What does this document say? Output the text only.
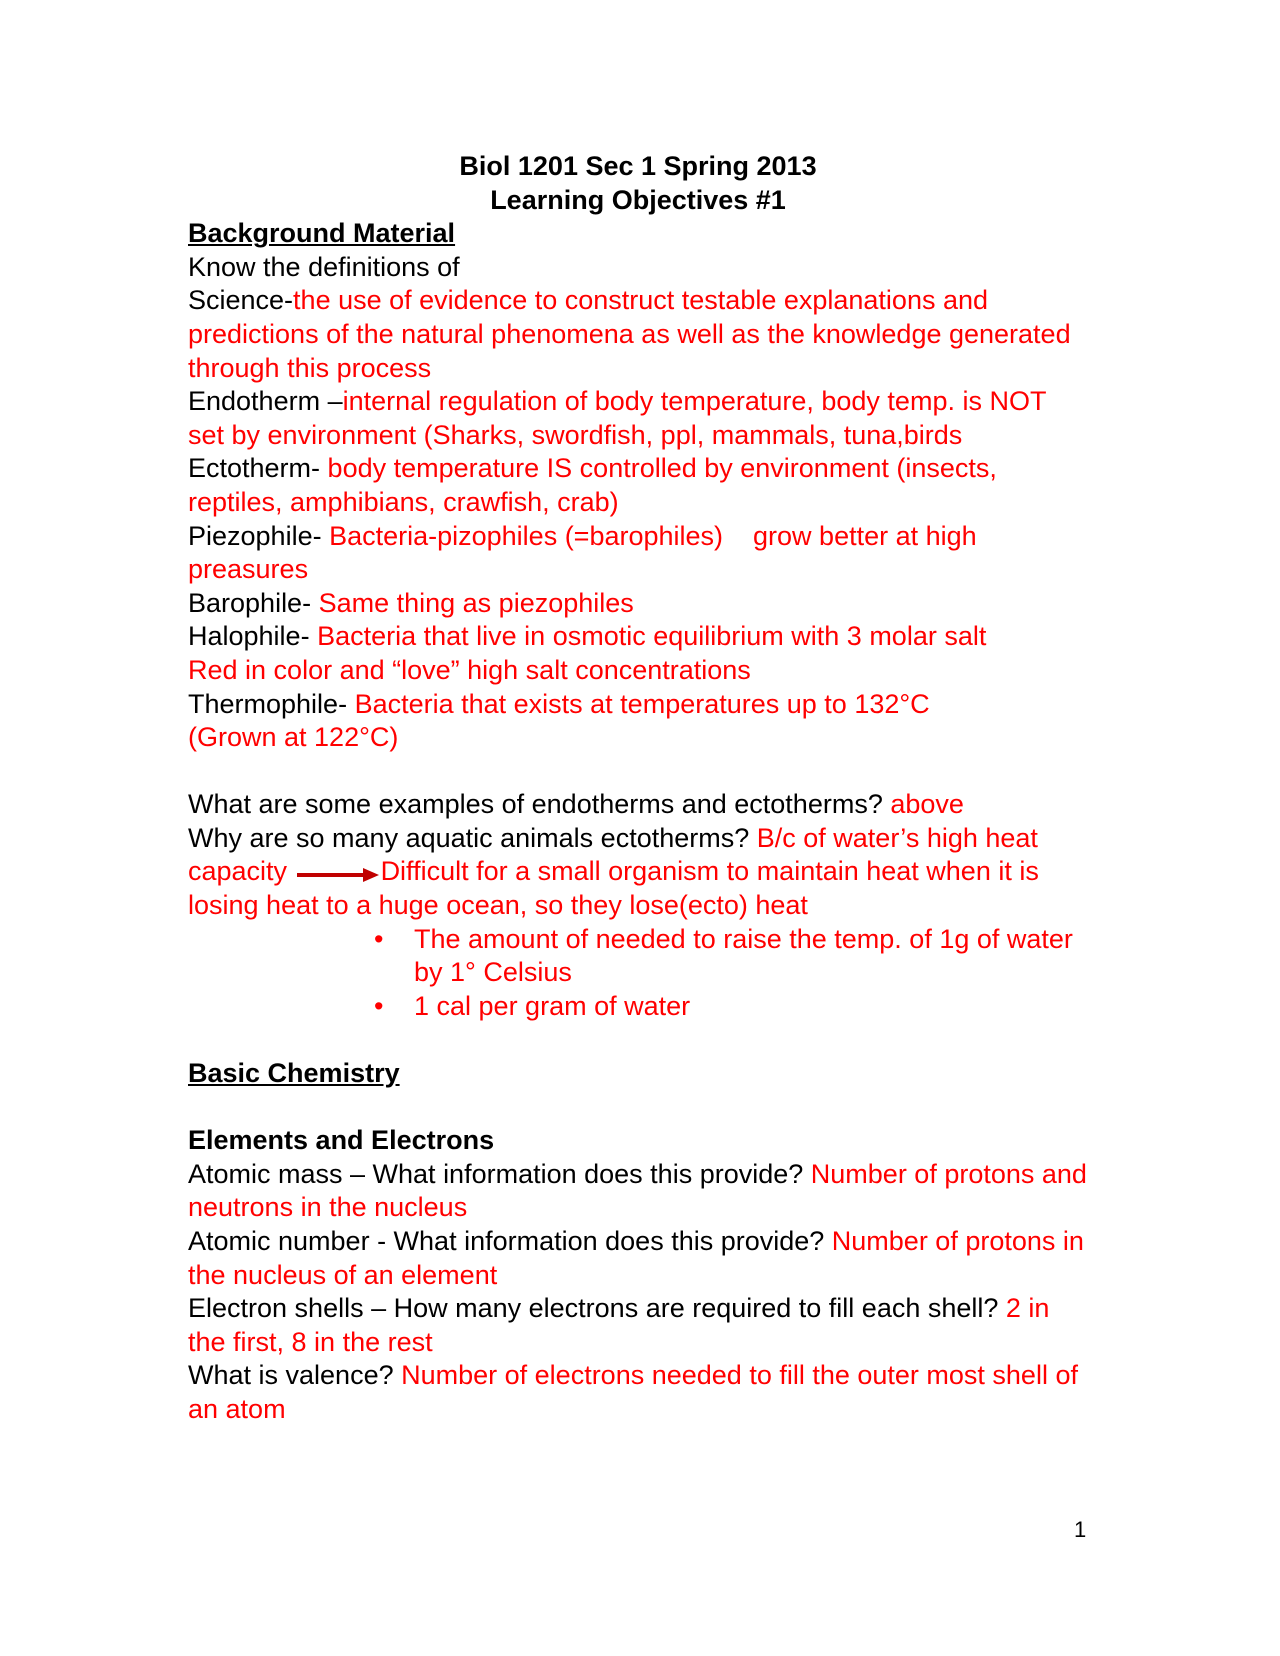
Biol 1201 Sec 1 Spring 2013
Learning Objectives #1
Background Material
Know the definitions of
Science-the use of evidence to construct testable explanations and predictions of the natural phenomena as well as the knowledge generated through this process
Endotherm –internal regulation of body temperature, body temp. is NOT set by environment (Sharks, swordfish, ppl, mammals, tuna,birds
Ectotherm- body temperature IS controlled by environment (insects, reptiles, amphibians, crawfish, crab)
Piezophile- Bacteria-pizophiles (=barophiles)    grow better at high preasures
Barophile- Same thing as piezophiles
Halophile- Bacteria that live in osmotic equilibrium with 3 molar salt Red in color and “love” high salt concentrations
Thermophile- Bacteria that exists at temperatures up to 132°C (Grown at 122°C)
What are some examples of endotherms and ectotherms? above
Why are so many aquatic animals ectotherms? B/c of water’s high heat capacity	Difficult for a small organism to maintain heat when it is losing heat to a huge ocean, so they lose(ecto) heat
• The amount of needed to raise the temp. of 1g of water by 1° Celsius
• 1 cal per gram of water
Basic Chemistry
Elements and Electrons
Atomic mass – What information does this provide? Number of protons and neutrons in the nucleus
Atomic number - What information does this provide? Number of protons in the nucleus of an element
Electron shells – How many electrons are required to fill each shell? 2 in the first, 8 in the rest
What is valence? Number of electrons needed to fill the outer most shell of an atom
1
